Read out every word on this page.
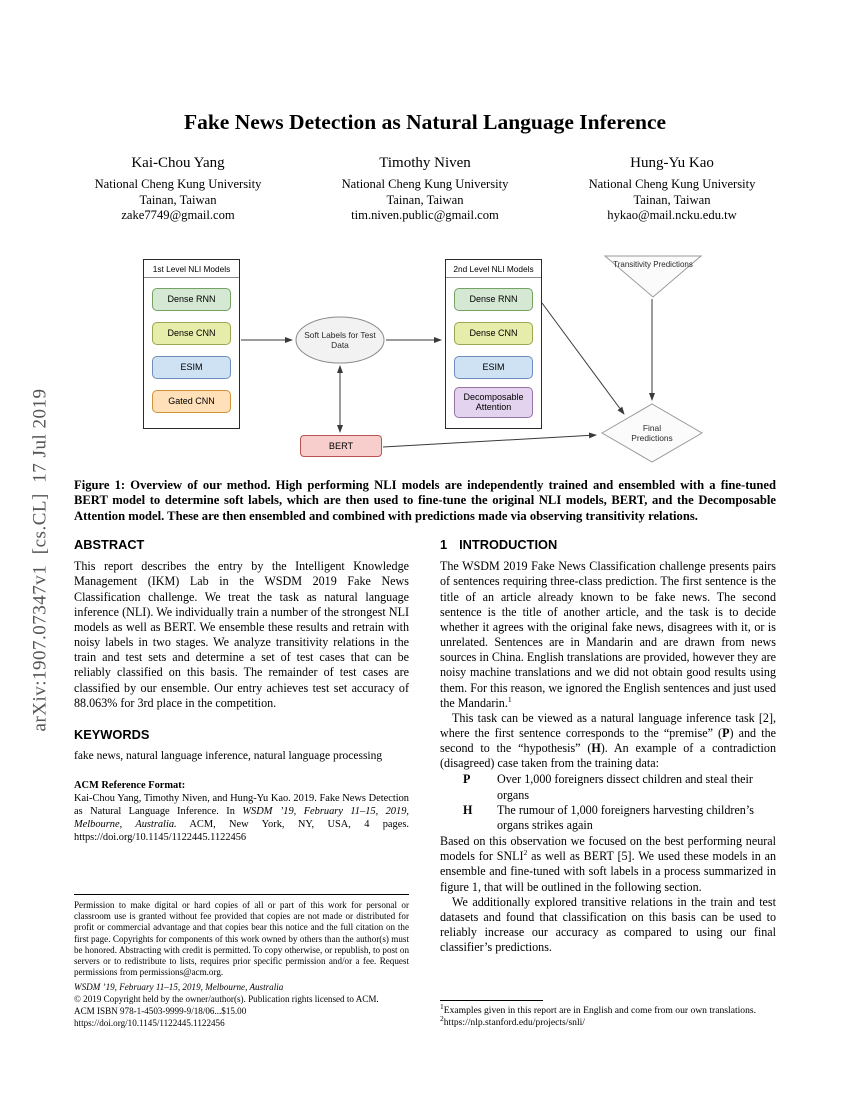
arXiv:1907.07347v1  [cs.CL]  17 Jul 2019
Fake News Detection as Natural Language Inference
Kai-Chou Yang
National Cheng Kung University
Tainan, Taiwan
zake7749@gmail.com
Timothy Niven
National Cheng Kung University
Tainan, Taiwan
tim.niven.public@gmail.com
Hung-Yu Kao
National Cheng Kung University
Tainan, Taiwan
hykao@mail.ncku.edu.tw
1st Level NLI Models
Dense RNN
Dense CNN
ESIM
Gated CNN
2nd Level NLI Models
Dense RNN
Dense CNN
ESIM
Decomposable Attention
Soft Labels for Test Data
Transitivity Predictions
Final Predictions
BERT
Figure 1: Overview of our method. High performing NLI models are independently trained and ensembled with a fine-tuned BERT model to determine soft labels, which are then used to fine-tune the original NLI models, BERT, and the Decomposable Attention model. These are then ensembled and combined with predictions made via observing transitivity relations.
ABSTRACT
This report describes the entry by the Intelligent Knowledge Management (IKM) Lab in the WSDM 2019 Fake News Classification challenge. We treat the task as natural language inference (NLI). We individually train a number of the strongest NLI models as well as BERT. We ensemble these results and retrain with noisy labels in two stages. We analyze transitivity relations in the train and test sets and determine a set of test cases that can be reliably classified on this basis. The remainder of test cases are classified by our ensemble. Our entry achieves test set accuracy of 88.063% for 3rd place in the competition.
KEYWORDS
fake news, natural language inference, natural language processing
ACM Reference Format:
Kai-Chou Yang, Timothy Niven, and Hung-Yu Kao. 2019. Fake News Detection as Natural Language Inference. In WSDM ’19, February 11–15, 2019, Melbourne, Australia. ACM, New York, NY, USA, 4 pages. https://doi.org/10.1145/1122445.1122456
Permission to make digital or hard copies of all or part of this work for personal or classroom use is granted without fee provided that copies are not made or distributed for profit or commercial advantage and that copies bear this notice and the full citation on the first page. Copyrights for components of this work owned by others than the author(s) must be honored. Abstracting with credit is permitted. To copy otherwise, or republish, to post on servers or to redistribute to lists, requires prior specific permission and/or a fee. Request permissions from permissions@acm.org.
WSDM ’19, February 11–15, 2019, Melbourne, Australia
© 2019 Copyright held by the owner/author(s). Publication rights licensed to ACM.
ACM ISBN 978-1-4503-9999-9/18/06...$15.00
https://doi.org/10.1145/1122445.1122456
1 INTRODUCTION

The WSDM 2019 Fake News Classification challenge presents pairs of sentences requiring three-class prediction. The first sentence is the title of an article already known to be fake news. The second sentence is the title of another article, and the task is to decide whether it agrees with the original fake news, disagrees with it, or is unrelated. Sentences are in Mandarin and are drawn from news sources in China. English translations are provided, however they are noisy machine translations and we did not obtain good results using them. For this reason, we ignored the English sentences and just used the Mandarin.$^1$

This task can be viewed as a natural language inference task [2], where the first sentence corresponds to the “premise” (P) and the second to the “hypothesis” (H). An example of a contradiction (disagreed) case taken from the training data:

P	Over 1,000 foreigners dissect children and steal their organs
H	The rumour of 1,000 foreigners harvesting children’s organs strikes again

Based on this observation we focused on the best performing neural models for SNLI$^2$ as well as BERT [5]. We used these models in an ensemble and fine-tuned with soft labels in a process summarized in figure 1, that will be outlined in the following section.

We additionally explored transitive relations in the train and test datasets and found that classification on this basis can be used to reliably increase our accuracy as compared to using our final classifier’s predictions.

$^1$Examples given in this report are in English and come from our own translations.
$^2$https://nlp.stanford.edu/projects/snli/
